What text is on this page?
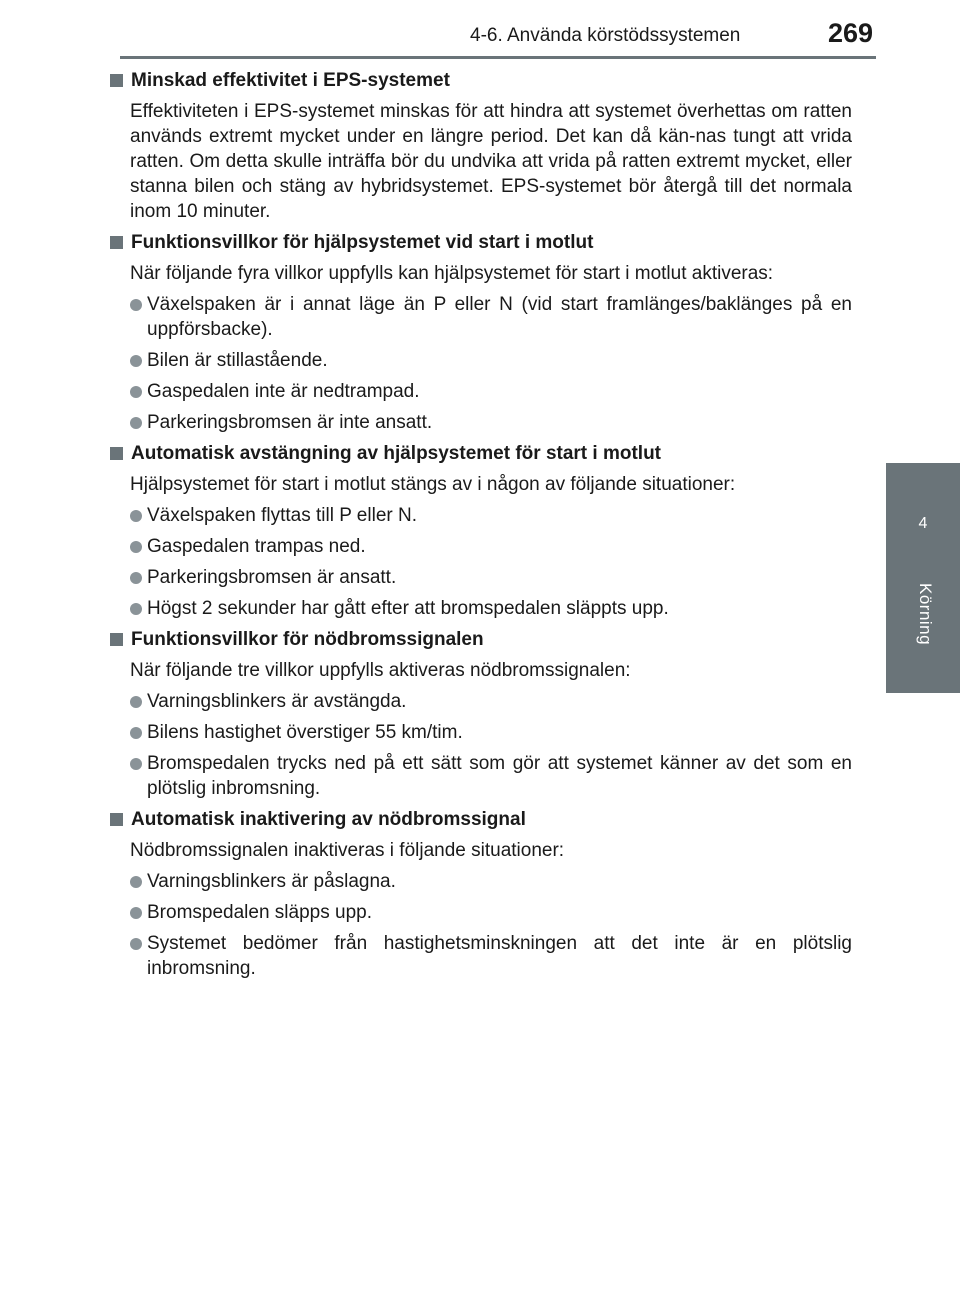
4-6. Använda körstödssystemen	269
4
Körning
Minskad effektivitet i EPS-systemet
Effektiviteten i EPS-systemet minskas för att hindra att systemet överhettas om ratten används extremt mycket under en längre period. Det kan då kän-nas tungt att vrida ratten. Om detta skulle inträffa bör du undvika att vrida på ratten extremt mycket, eller stanna bilen och stäng av hybridsystemet. EPS-systemet bör återgå till det normala inom 10 minuter.
Funktionsvillkor för hjälpsystemet vid start i motlut
När följande fyra villkor uppfylls kan hjälpsystemet för start i motlut aktiveras:
Växelspaken är i annat läge än P eller N (vid start framlänges/baklänges på en uppförsbacke).
Bilen är stillastående.
Gaspedalen inte är nedtrampad.
Parkeringsbromsen är inte ansatt.
Automatisk avstängning av hjälpsystemet för start i motlut
Hjälpsystemet för start i motlut stängs av i någon av följande situationer:
Växelspaken flyttas till P eller N.
Gaspedalen trampas ned.
Parkeringsbromsen är ansatt.
Högst 2 sekunder har gått efter att bromspedalen släppts upp.
Funktionsvillkor för nödbromssignalen
När följande tre villkor uppfylls aktiveras nödbromssignalen:
Varningsblinkers är avstängda.
Bilens hastighet överstiger 55 km/tim.
Bromspedalen trycks ned på ett sätt som gör att systemet känner av det som en plötslig inbromsning.
Automatisk inaktivering av nödbromssignal
Nödbromssignalen inaktiveras i följande situationer:
Varningsblinkers är påslagna.
Bromspedalen släpps upp.
Systemet bedömer från hastighetsminskningen att det inte är en plötslig inbromsning.
